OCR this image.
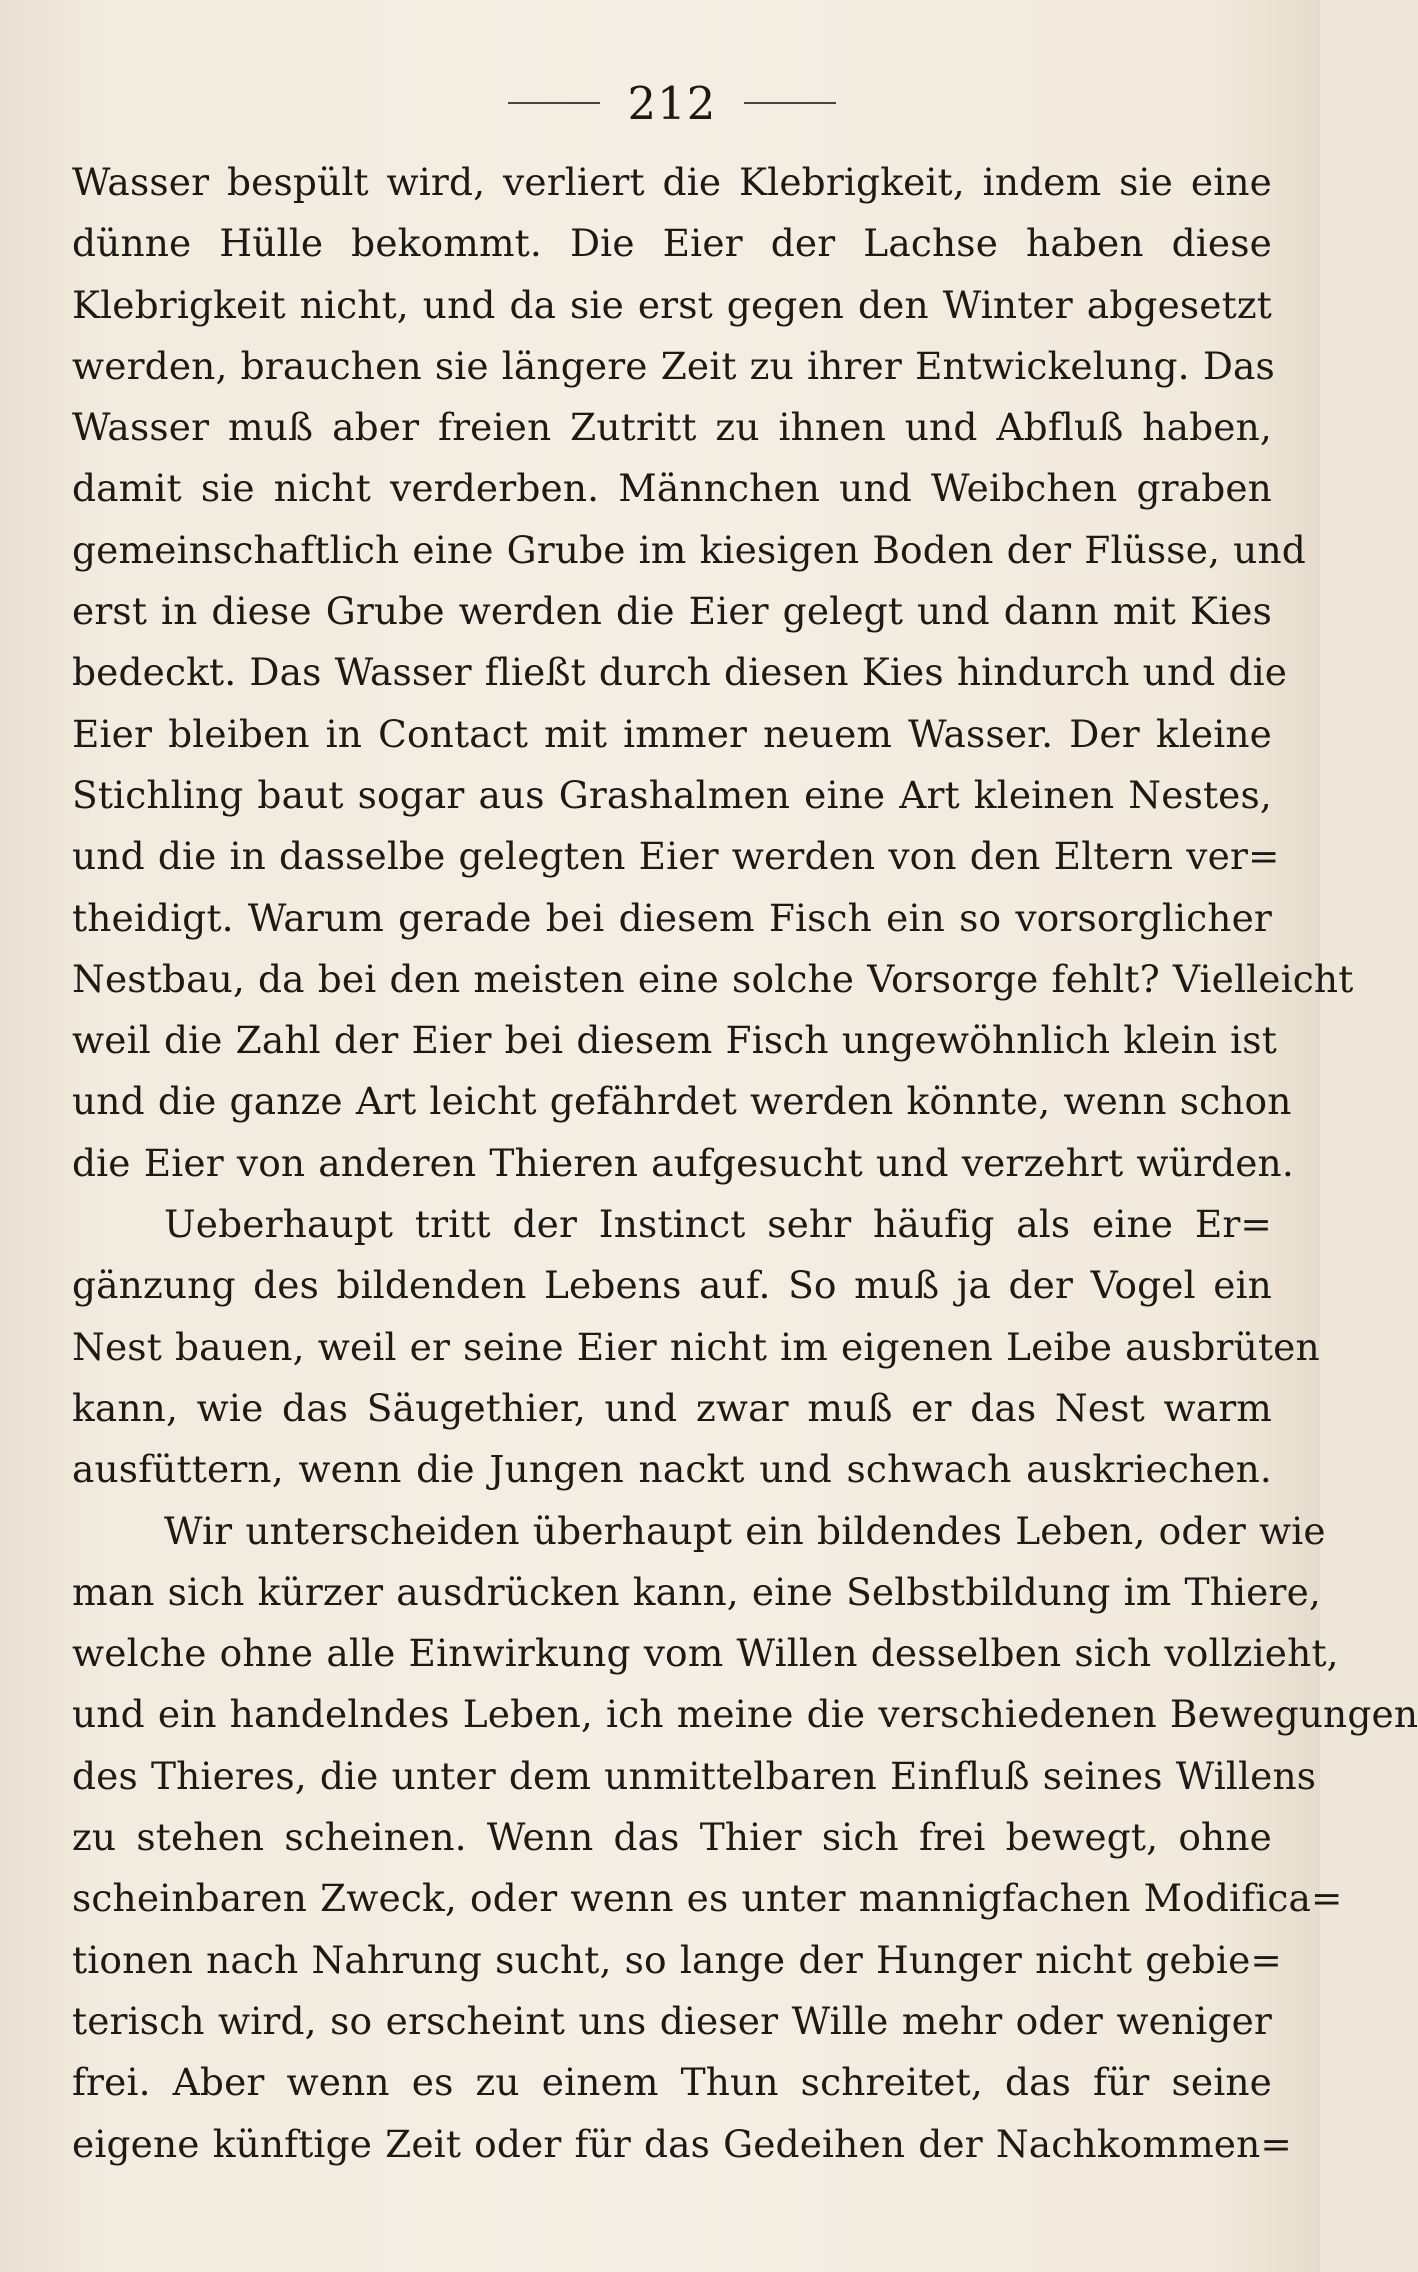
212
Wasser bespült wird, verliert die Klebrigkeit, indem sie eine
dünne Hülle bekommt. Die Eier der Lachse haben diese
Klebrigkeit nicht, und da sie erst gegen den Winter abgesetzt
werden, brauchen sie längere Zeit zu ihrer Entwickelung. Das
Wasser muß aber freien Zutritt zu ihnen und Abfluß haben,
damit sie nicht verderben. Männchen und Weibchen graben
gemeinschaftlich eine Grube im kiesigen Boden der Flüsse, und
erst in diese Grube werden die Eier gelegt und dann mit Kies
bedeckt. Das Wasser fließt durch diesen Kies hindurch und die
Eier bleiben in Contact mit immer neuem Wasser. Der kleine
Stichling baut sogar aus Grashalmen eine Art kleinen Nestes,
und die in dasselbe gelegten Eier werden von den Eltern ver=
theidigt. Warum gerade bei diesem Fisch ein so vorsorglicher
Nestbau, da bei den meisten eine solche Vorsorge fehlt? Vielleicht
weil die Zahl der Eier bei diesem Fisch ungewöhnlich klein ist
und die ganze Art leicht gefährdet werden könnte, wenn schon
die Eier von anderen Thieren aufgesucht und verzehrt würden.
Ueberhaupt tritt der Instinct sehr häufig als eine Er=
gänzung des bildenden Lebens auf. So muß ja der Vogel ein
Nest bauen, weil er seine Eier nicht im eigenen Leibe ausbrüten
kann, wie das Säugethier, und zwar muß er das Nest warm
ausfüttern, wenn die Jungen nackt und schwach auskriechen.
Wir unterscheiden überhaupt ein bildendes Leben, oder wie
man sich kürzer ausdrücken kann, eine Selbstbildung im Thiere,
welche ohne alle Einwirkung vom Willen desselben sich vollzieht,
und ein handelndes Leben, ich meine die verschiedenen Bewegungen
des Thieres, die unter dem unmittelbaren Einfluß seines Willens
zu stehen scheinen. Wenn das Thier sich frei bewegt, ohne
scheinbaren Zweck, oder wenn es unter mannigfachen Modifica=
tionen nach Nahrung sucht, so lange der Hunger nicht gebie=
terisch wird, so erscheint uns dieser Wille mehr oder weniger
frei. Aber wenn es zu einem Thun schreitet, das für seine
eigene künftige Zeit oder für das Gedeihen der Nachkommen=
